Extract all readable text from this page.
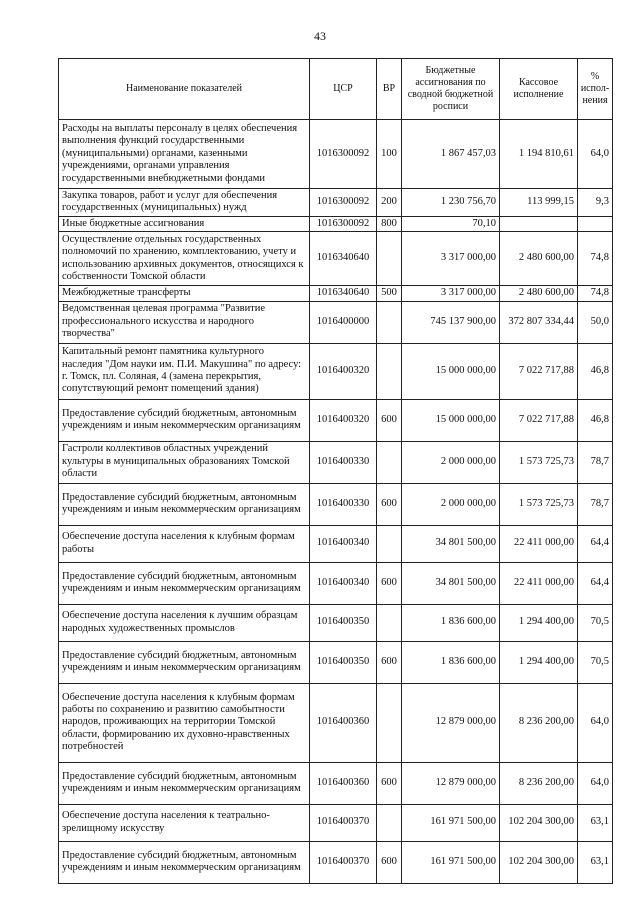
43
Наименование показателей	ЦСР	ВР	Бюджетные ассигнования по сводной бюджетной росписи	Кассовое исполнение	% испол-нения
Расходы на выплаты персоналу в целях обеспечения выполнения функций государственными (муниципальными) органами, казенными учреждениями, органами управления государственными внебюджетными фондами	1016300092	100	1 867 457,03	1 194 810,61	64,0
Закупка товаров, работ и услуг для обеспечения государственных (муниципальных) нужд	1016300092	200	1 230 756,70	113 999,15	9,3
Иные бюджетные ассигнования	1016300092	800	70,10		
Осуществление отдельных государственных полномочий по хранению, комплектованию, учету и использованию архивных документов, относящихся к собственности Томской области	1016340640		3 317 000,00	2 480 600,00	74,8
Межбюджетные трансферты	1016340640	500	3 317 000,00	2 480 600,00	74,8
Ведомственная целевая программа "Развитие профессионального искусства и народного творчества"	1016400000		745 137 900,00	372 807 334,44	50,0
Капитальный ремонт памятника культурного наследия "Дом науки им. П.И. Макушина" по адресу: г. Томск, пл. Соляная, 4 (замена перекрытия, сопутствующий ремонт помещений здания)	1016400320		15 000 000,00	7 022 717,88	46,8
Предоставление субсидий бюджетным, автономным учреждениям и иным некоммерческим организациям	1016400320	600	15 000 000,00	7 022 717,88	46,8
Гастроли коллективов областных учреждений культуры в муниципальных образованиях Томской области	1016400330		2 000 000,00	1 573 725,73	78,7
Предоставление субсидий бюджетным, автономным учреждениям и иным некоммерческим организациям	1016400330	600	2 000 000,00	1 573 725,73	78,7
Обеспечение доступа населения к клубным формам работы	1016400340		34 801 500,00	22 411 000,00	64,4
Предоставление субсидий бюджетным, автономным учреждениям и иным некоммерческим организациям	1016400340	600	34 801 500,00	22 411 000,00	64,4
Обеспечение доступа населения к лучшим образцам народных художественных промыслов	1016400350		1 836 600,00	1 294 400,00	70,5
Предоставление субсидий бюджетным, автономным учреждениям и иным некоммерческим организациям	1016400350	600	1 836 600,00	1 294 400,00	70,5
Обеспечение доступа населения к клубным формам работы по сохранению и развитию самобытности народов, проживающих на территории Томской области, формированию их духовно-нравственных потребностей	1016400360		12 879 000,00	8 236 200,00	64,0
Предоставление субсидий бюджетным, автономным учреждениям и иным некоммерческим организациям	1016400360	600	12 879 000,00	8 236 200,00	64,0
Обеспечение доступа населения к театрально-зрелищному искусству	1016400370		161 971 500,00	102 204 300,00	63,1
Предоставление субсидий бюджетным, автономным учреждениям и иным некоммерческим организациям	1016400370	600	161 971 500,00	102 204 300,00	63,1
